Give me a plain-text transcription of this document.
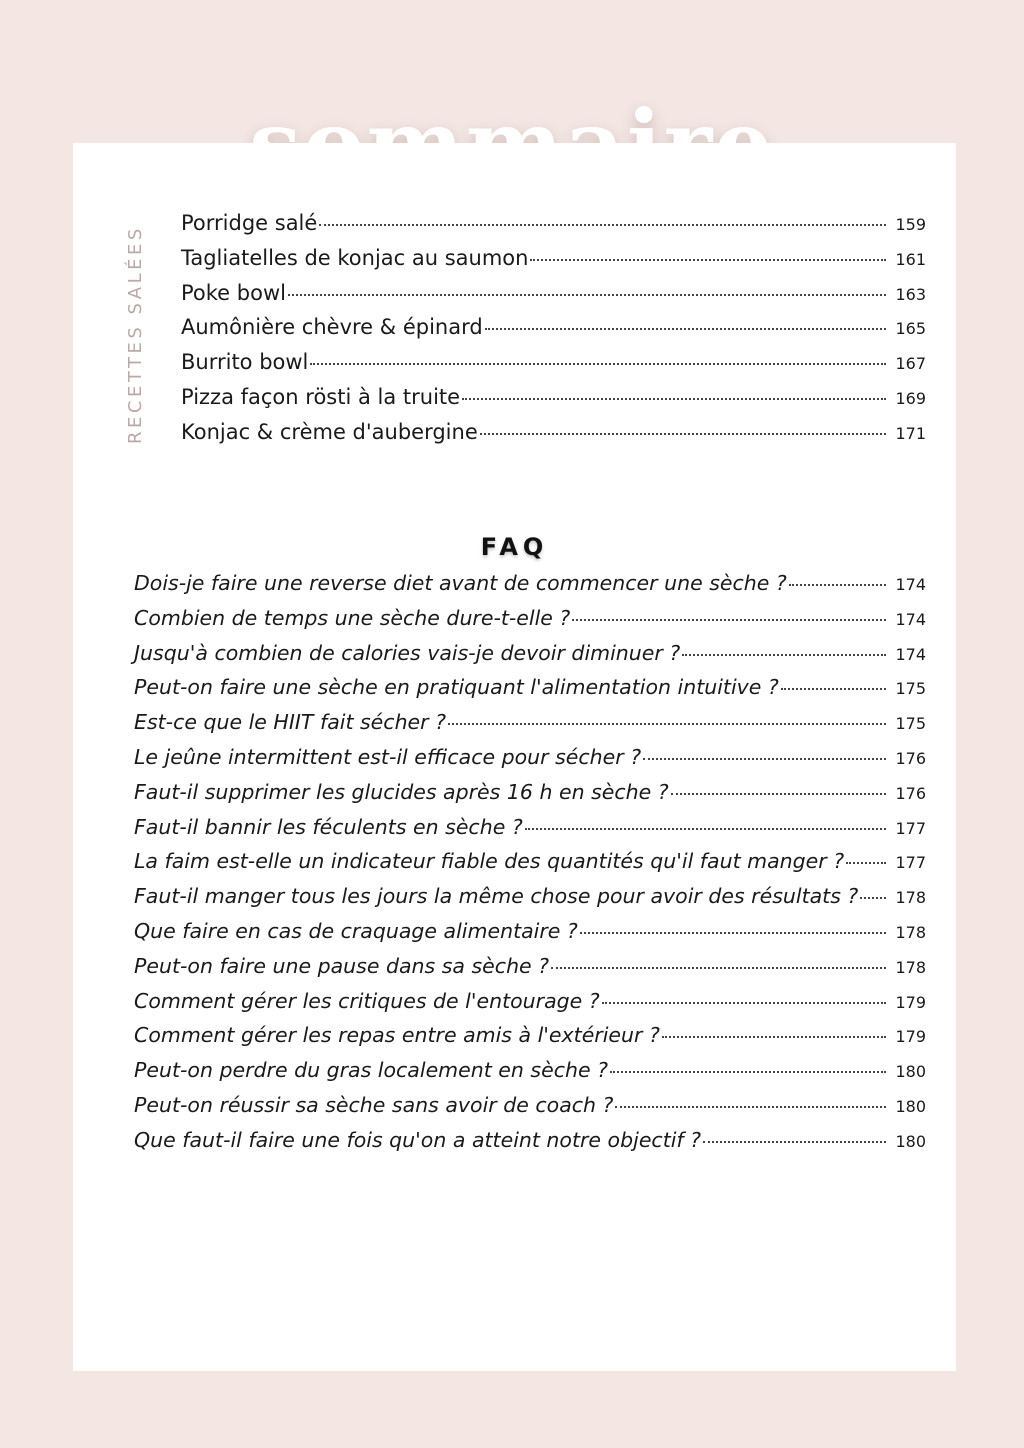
RECETTES SALÉES
Porridge salé	159
Tagliatelles de konjac au saumon	161
Poke bowl	163
Aumônière chèvre & épinard	165
Burrito bowl	167
Pizza façon rösti à la truite	169
Konjac & crème d'aubergine	171
FAQ
Dois-je faire une reverse diet avant de commencer une sèche ?	174
Combien de temps une sèche dure-t-elle ?	174
Jusqu'à combien de calories vais-je devoir diminuer ?	174
Peut-on faire une sèche en pratiquant l'alimentation intuitive ?	175
Est-ce que le HIIT fait sécher ?	175
Le jeûne intermittent est-il efficace pour sécher ?	176
Faut-il supprimer les glucides après 16 h en sèche ?	176
Faut-il bannir les féculents en sèche ?	177
La faim est-elle un indicateur fiable des quantités qu'il faut manger ?	177
Faut-il manger tous les jours la même chose pour avoir des résultats ? 178
Que faire en cas de craquage alimentaire ?	178
Peut-on faire une pause dans sa sèche ?	178
Comment gérer les critiques de l'entourage ?	179
Comment gérer les repas entre amis à l'extérieur ?	179
Peut-on perdre du gras localement en sèche ?	180
Peut-on réussir sa sèche sans avoir de coach ?	180
Que faut-il faire une fois qu'on a atteint notre objectif ?	180
